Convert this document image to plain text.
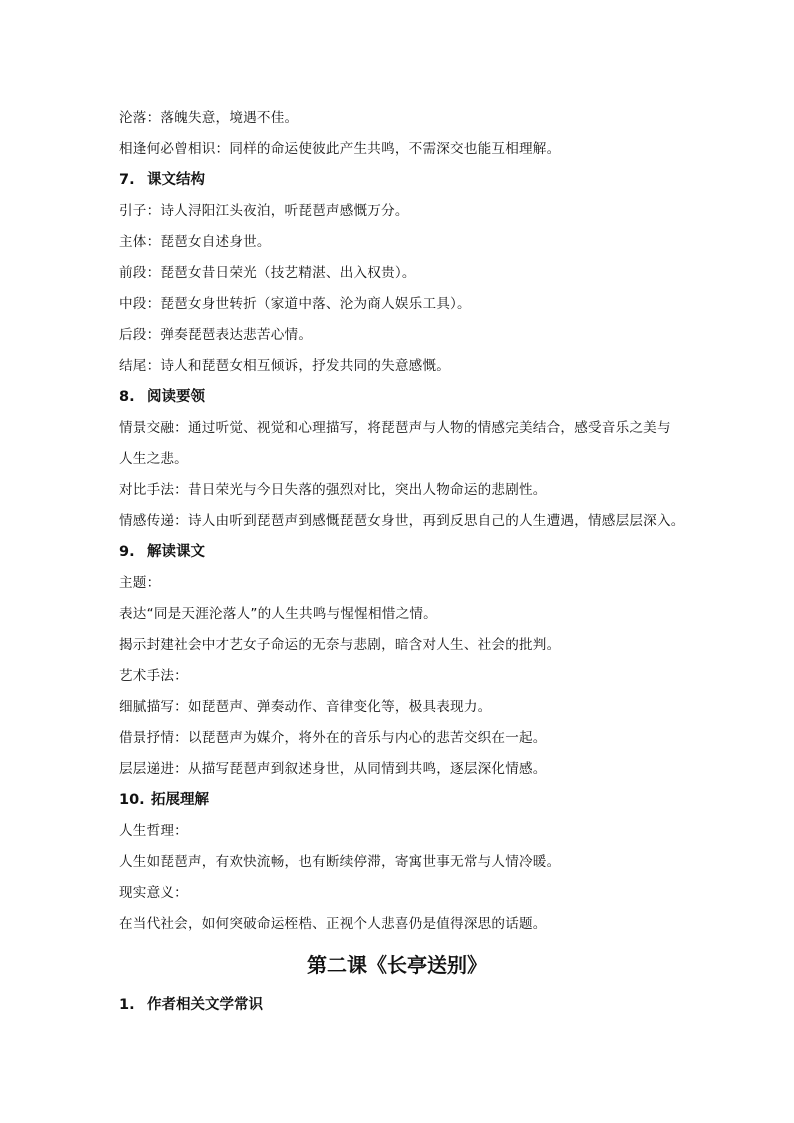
沦落：落魄失意，境遇不佳。
相逢何必曾相识：同样的命运使彼此产生共鸣，不需深交也能互相理解。
7. 课文结构
引子：诗人浔阳江头夜泊，听琵琶声感慨万分。
主体：琵琶女自述身世。
前段：琵琶女昔日荣光（技艺精湛、出入权贵）。
中段：琵琶女身世转折（家道中落、沦为商人娱乐工具）。
后段：弹奏琵琶表达悲苦心情。
结尾：诗人和琵琶女相互倾诉，抒发共同的失意感慨。
8. 阅读要领
情景交融：通过听觉、视觉和心理描写，将琵琶声与人物的情感完美结合，感受音乐之美与
人生之悲。
对比手法：昔日荣光与今日失落的强烈对比，突出人物命运的悲剧性。
情感传递：诗人由听到琵琶声到感慨琵琶女身世，再到反思自己的人生遭遇，情感层层深入。
9. 解读课文
主题：
表达“同是天涯沦落人”的人生共鸣与惺惺相惜之情。
揭示封建社会中才艺女子命运的无奈与悲剧，暗含对人生、社会的批判。
艺术手法：
细腻描写：如琵琶声、弹奏动作、音律变化等，极具表现力。
借景抒情：以琵琶声为媒介，将外在的音乐与内心的悲苦交织在一起。
层层递进：从描写琵琶声到叙述身世，从同情到共鸣，逐层深化情感。
10. 拓展理解
人生哲理：
人生如琵琶声，有欢快流畅，也有断续停滞，寄寓世事无常与人情冷暖。
现实意义：
在当代社会，如何突破命运桎梏、正视个人悲喜仍是值得深思的话题。
第二课《长亭送别》
1. 作者相关文学常识
